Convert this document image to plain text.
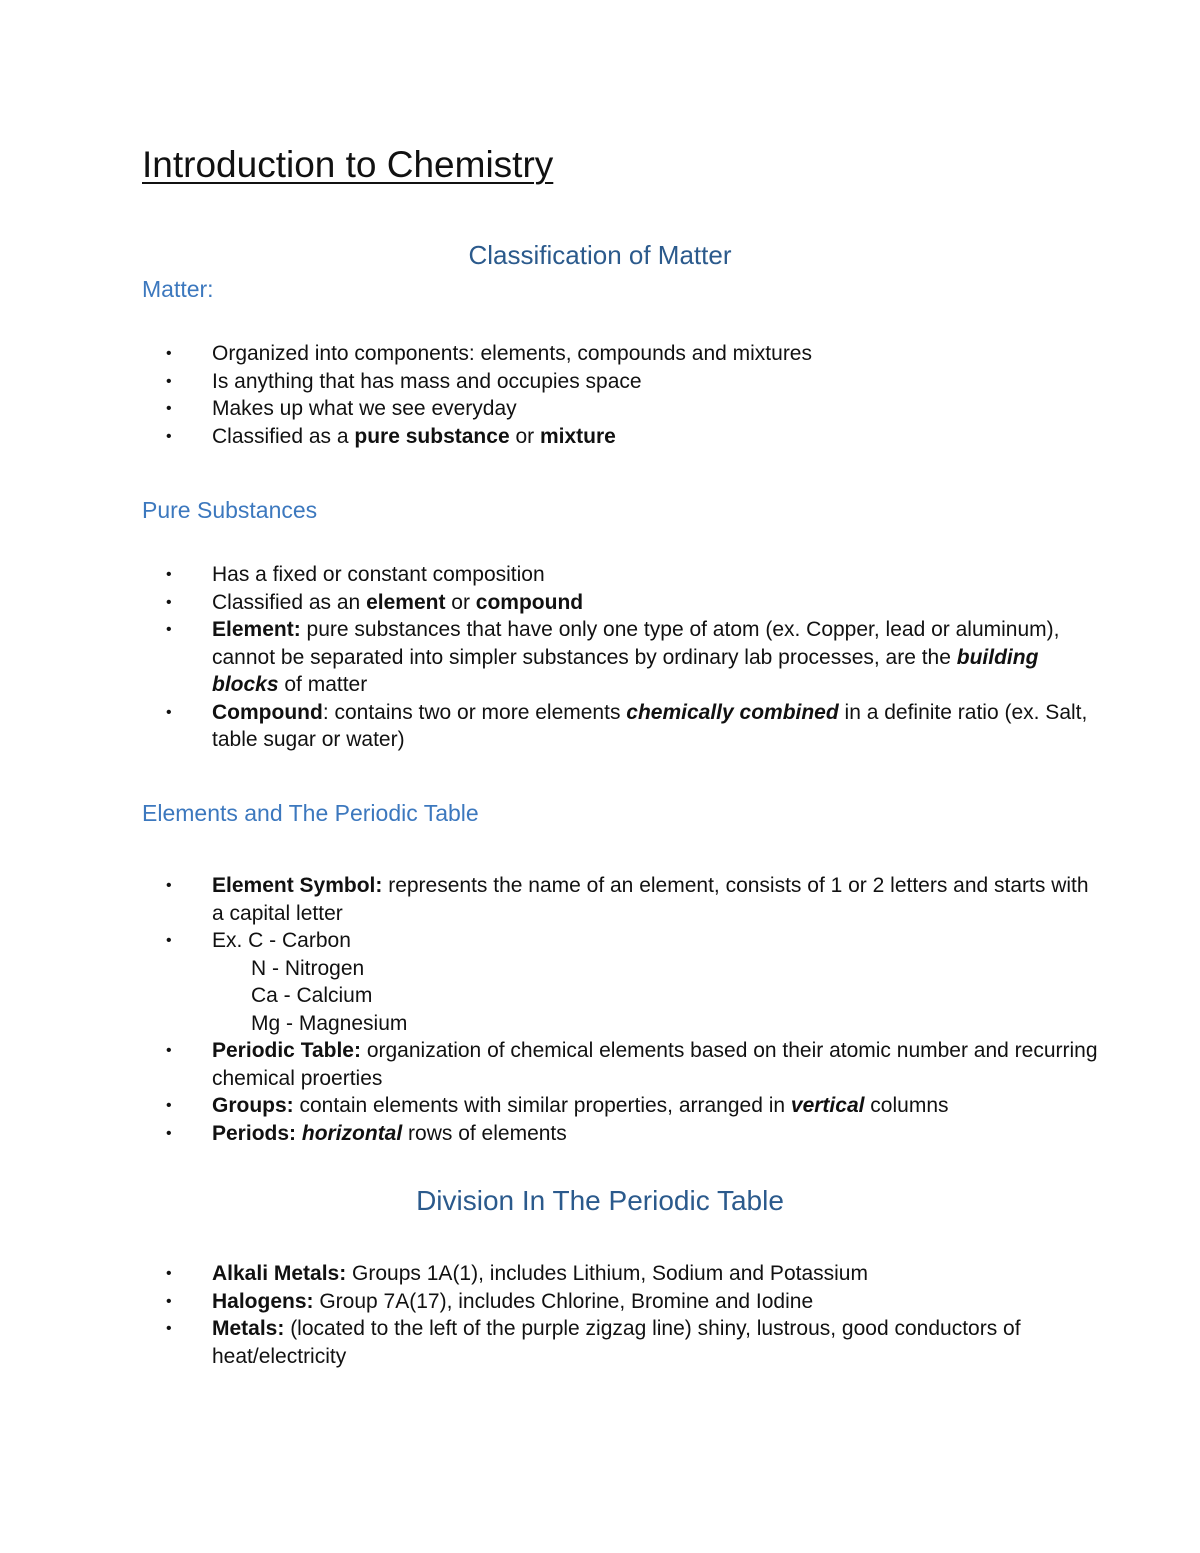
Introduction to Chemistry
Classification of Matter
Matter:
• Organized into components: elements, compounds and mixtures
• Is anything that has mass and occupies space
• Makes up what we see everyday
• Classified as a pure substance or mixture
Pure Substances
• Has a fixed or constant composition
• Classified as an element or compound
• Element: pure substances that have only one type of atom (ex. Copper, lead or aluminum), cannot be separated into simpler substances by ordinary lab processes, are the building blocks of matter
• Compound: contains two or more elements chemically combined in a definite ratio (ex. Salt, table sugar or water)
Elements and The Periodic Table
• Element Symbol: represents the name of an element, consists of 1 or 2 letters and starts with a capital letter
• Ex. C - Carbon
N - Nitrogen
Ca - Calcium
Mg - Magnesium
• Periodic Table: organization of chemical elements based on their atomic number and recurring chemical proerties
• Groups: contain elements with similar properties, arranged in vertical columns
• Periods: horizontal rows of elements
Division In The Periodic Table
• Alkali Metals: Groups 1A(1), includes Lithium, Sodium and Potassium
• Halogens: Group 7A(17), includes Chlorine, Bromine and Iodine
• Metals: (located to the left of the purple zigzag line) shiny, lustrous, good conductors of heat/electricity
